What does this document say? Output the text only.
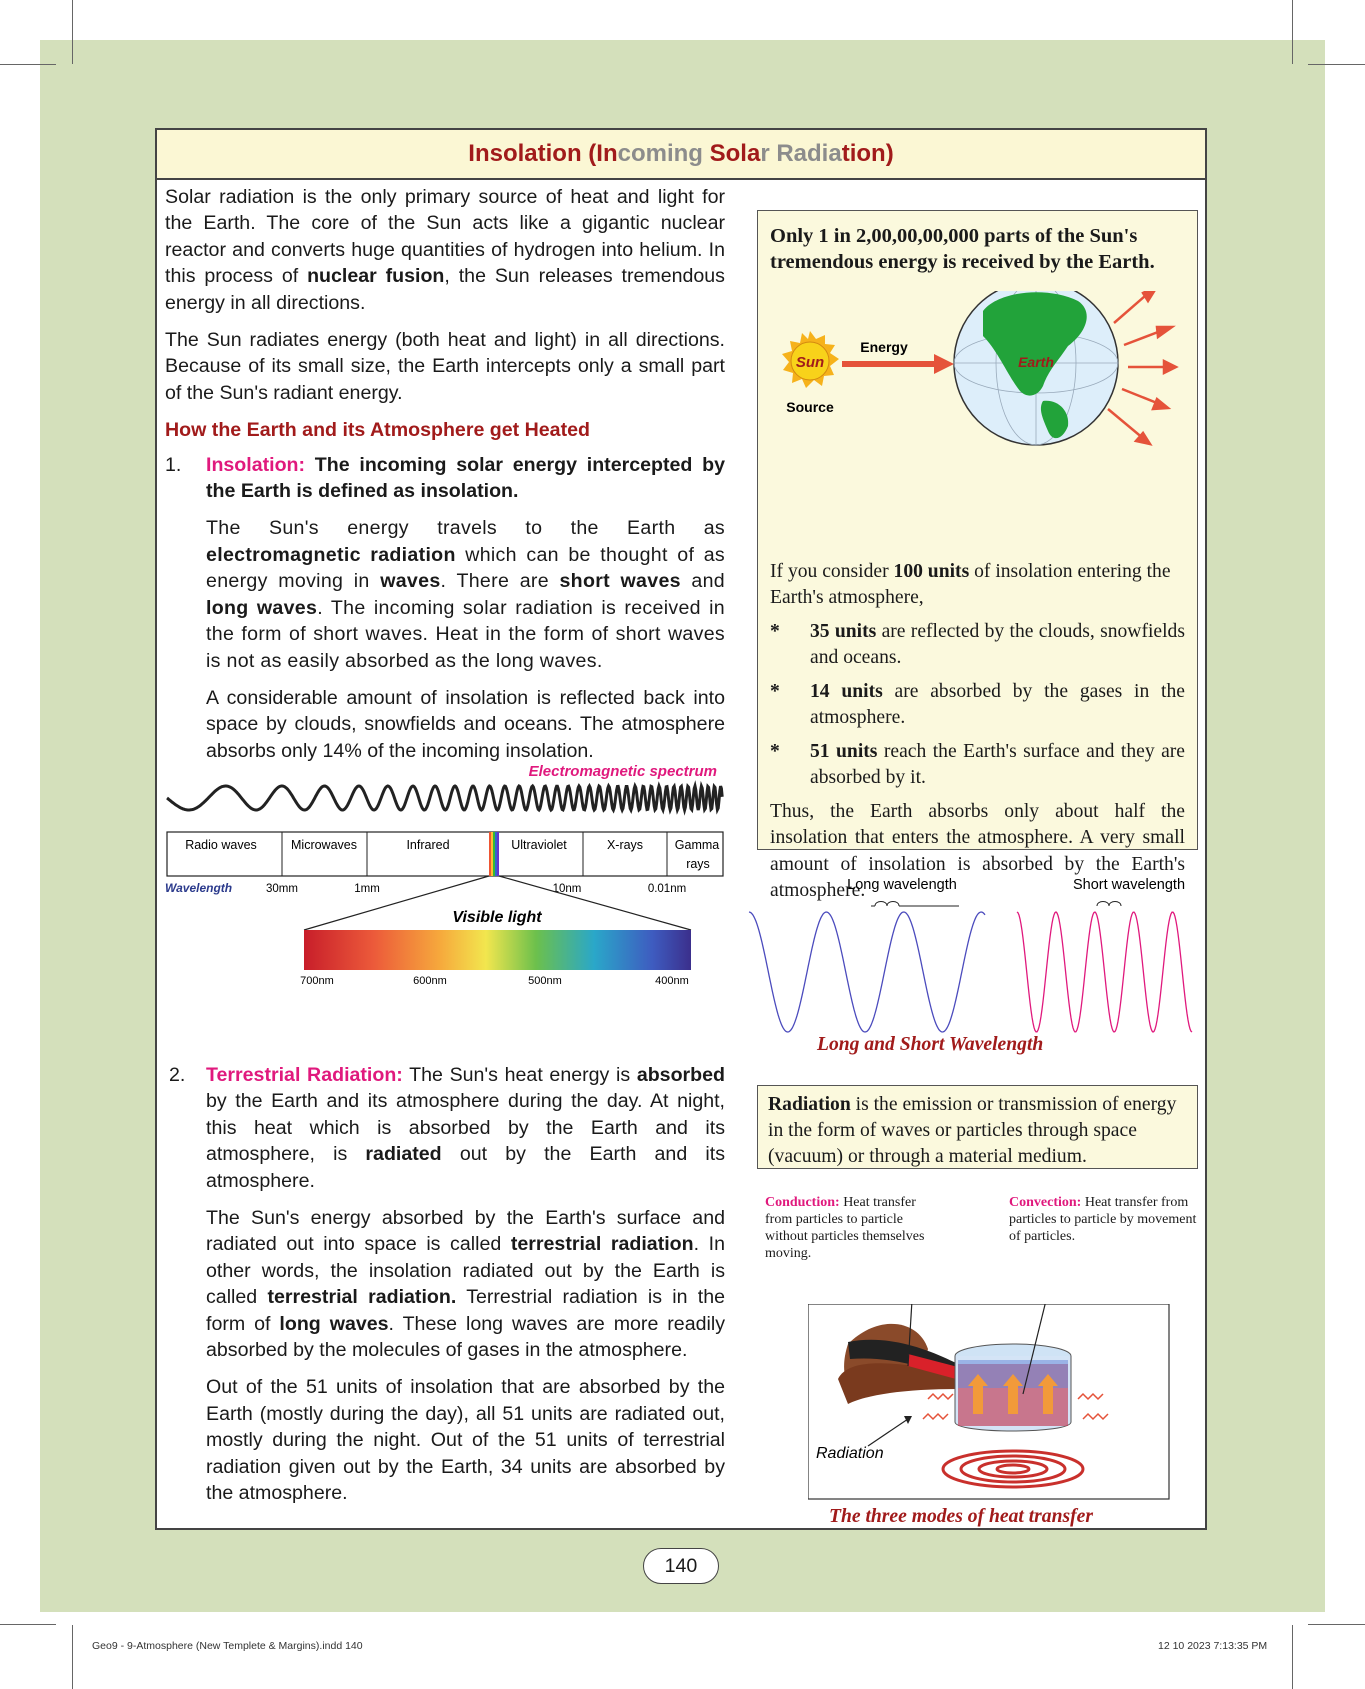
Insolation (Incoming Solar Radiation)

Solar radiation is the only primary source of heat and light for the Earth. The core of the Sun acts like a gigantic nuclear reactor and converts huge quantities of hydrogen into helium. In this process of nuclear fusion, the Sun releases tremendous energy in all directions.

The Sun radiates energy (both heat and light) in all directions. Because of its small size, the Earth intercepts only a small part of the Sun's radiant energy.

How the Earth and its Atmosphere get Heated
1. Insolation: The incoming solar energy intercepted by the Earth is defined as insolation.

The Sun's energy travels to the Earth as electromagnetic radiation which can be thought of as energy moving in waves. There are short waves and long waves. The incoming solar radiation is received in the form of short waves. Heat in the form of short waves is not as easily absorbed as the long waves.

A considerable amount of insolation is reflected back into space by clouds, snowfields and oceans. The atmosphere absorbs only 14% of the incoming insolation.

Electromagnetic spectrum
Radio waves	Microwaves	Infrared	Ultraviolet	X-rays	Gamma
rays
Wavelength	30mm	1mm	10nm	0.01nm
Visible light
700nm	600nm	500nm	400nm
2. Terrestrial Radiation: The Sun's heat energy is absorbed by the Earth and its atmosphere during the day. At night, this heat which is absorbed by the Earth and its atmosphere, is radiated out by the Earth and its atmosphere.

The Sun's energy absorbed by the Earth's surface and radiated out into space is called terrestrial radiation. In other words, the insolation radiated out by the Earth is called terrestrial radiation. Terrestrial radiation is in the form of long waves. These long waves are more readily absorbed by the molecules of gases in the atmosphere.

Out of the 51 units of insolation that are absorbed by the Earth (mostly during the day), all 51 units are radiated out, mostly during the night. Out of the 51 units of terrestrial radiation given out by the Earth, 34 units are absorbed by the atmosphere.

Only 1 in 2,00,00,00,000 parts of the Sun's tremendous energy is received by the Earth.
Sun
Source
Energy
Earth
If you consider 100 units of insolation entering the Earth's atmosphere,
* 35 units are reflected by the clouds, snowfields and oceans.
* 14 units are absorbed by the gases in the atmosphere.
* 51 units reach the Earth's surface and they are absorbed by it.
Thus, the Earth absorbs only about half the insolation that enters the atmosphere. A very small amount of insolation is absorbed by the Earth's atmosphere.
Long wavelength	Short wavelength
Long and Short Wavelength
Radiation is the emission or transmission of energy in the form of waves or particles through space (vacuum) or through a material medium.
Conduction: Heat transfer from particles to particle without particles themselves moving.
Convection: Heat transfer from particles to particle by movement of particles.
Radiation
The three modes of heat transfer
140
Geo9 - 9-Atmosphere (New Templete & Margins).indd 140	12 10 2023 7:13:35 PM
